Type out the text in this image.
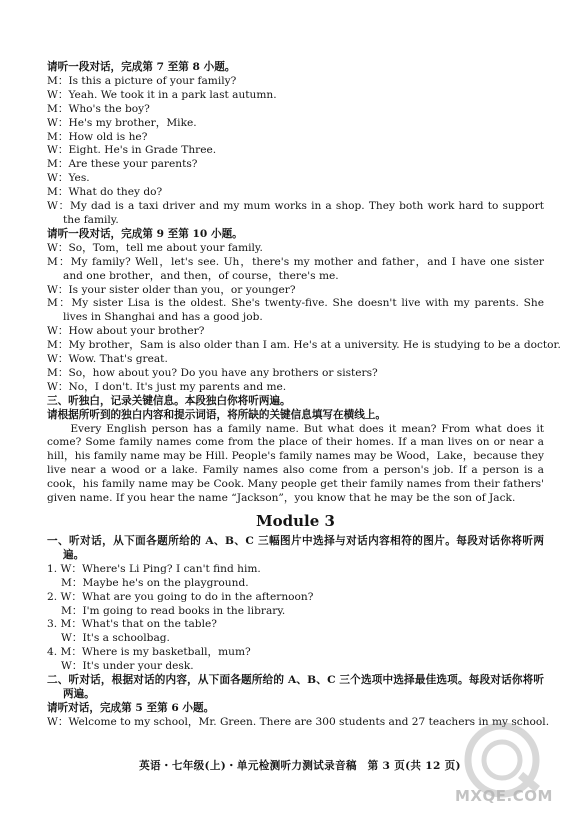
请听一段对话，完成第 7 至第 8 小题。
M：Is this a picture of your family?
W：Yeah. We took it in a park last autumn.
M：Who's the boy?
W：He's my brother，Mike.
M：How old is he?
W：Eight. He's in Grade Three.
M：Are these your parents?
W：Yes.
M：What do they do?
W：My dad is a taxi driver and my mum works in a shop. They both work hard to support the family.
请听一段对话，完成第 9 至第 10 小题。
W：So，Tom，tell me about your family.
M：My family? Well，let's see. Uh，there's my mother and father，and I have one sister and one brother，and then，of course，there's me.
W：Is your sister older than you，or younger?
M：My sister Lisa is the oldest. She's twenty-five. She doesn't live with my parents. She lives in Shanghai and has a good job.
W：How about your brother?
M：My brother，Sam is also older than I am. He's at a university. He is studying to be a doctor.
W：Wow. That's great.
M：So，how about you? Do you have any brothers or sisters?
W：No，I don't. It's just my parents and me.
三、听独白，记录关键信息。本段独白你将听两遍。
请根据所听到的独白内容和提示词语，将所缺的关键信息填写在横线上。
Every English person has a family name. But what does it mean? From what does it come? Some family names come from the place of their homes. If a man lives on or near a hill，his family name may be Hill. People's family names may be Wood，Lake，because they live near a wood or a lake. Family names also come from a person's job. If a person is a cook，his family name may be Cook. Many people get their family names from their fathers' given name. If you hear the name “Jackson”，you know that he may be the son of Jack.
Module 3
一、听对话，从下面各题所给的 A、B、C 三幅图片中选择与对话内容相符的图片。每段对话你将听两遍。
1. W：Where's Li Ping? I can't find him.
M：Maybe he's on the playground.
2. W：What are you going to do in the afternoon?
M：I'm going to read books in the library.
3. M：What's that on the table?
W：It's a schoolbag.
4. M：Where is my basketball，mum?
W：It's under your desk.
二、听对话，根据对话的内容，从下面各题所给的 A、B、C 三个选项中选择最佳选项。每段对话你将听两遍。
请听对话，完成第 5 至第 6 小题。
W：Welcome to my school，Mr. Green. There are 300 students and 27 teachers in my school.
英语・七年级(上)・单元检测听力测试录音稿　第 3 页(共 12 页)
MXQE.COM
